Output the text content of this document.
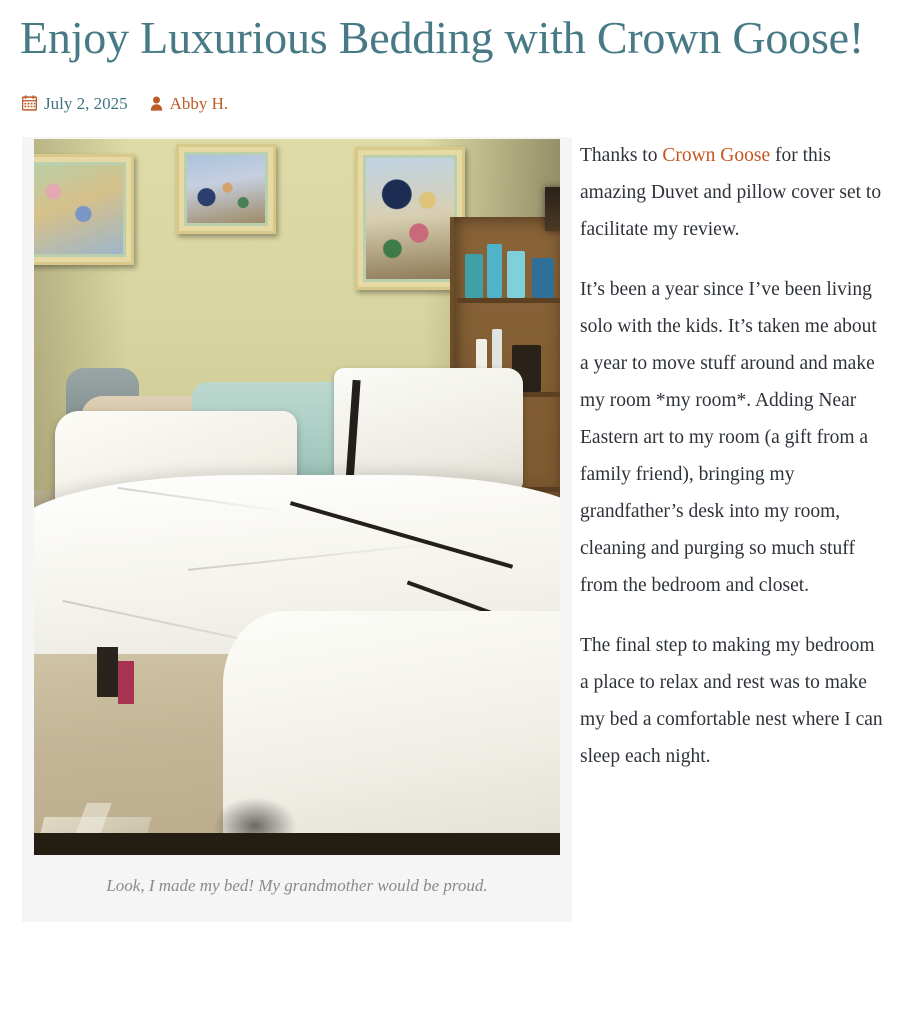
Enjoy Luxurious Bedding with Crown Goose!
July 2, 2025 Abby H.
Look, I made my bed! My grandmother would be proud.

Thanks to Crown Goose for this amazing Duvet and pillow cover set to facilitate my review.

It’s been a year since I’ve been living solo with the kids. It’s taken me about a year to move stuff around and make my room *my room*. Adding Near Eastern art to my room (a gift from a family friend), bringing my grandfather’s desk into my room, cleaning and purging so much stuff from the bedroom and closet.

The final step to making my bedroom a place to relax and rest was to make my bed a comfortable nest where I can sleep each night.
